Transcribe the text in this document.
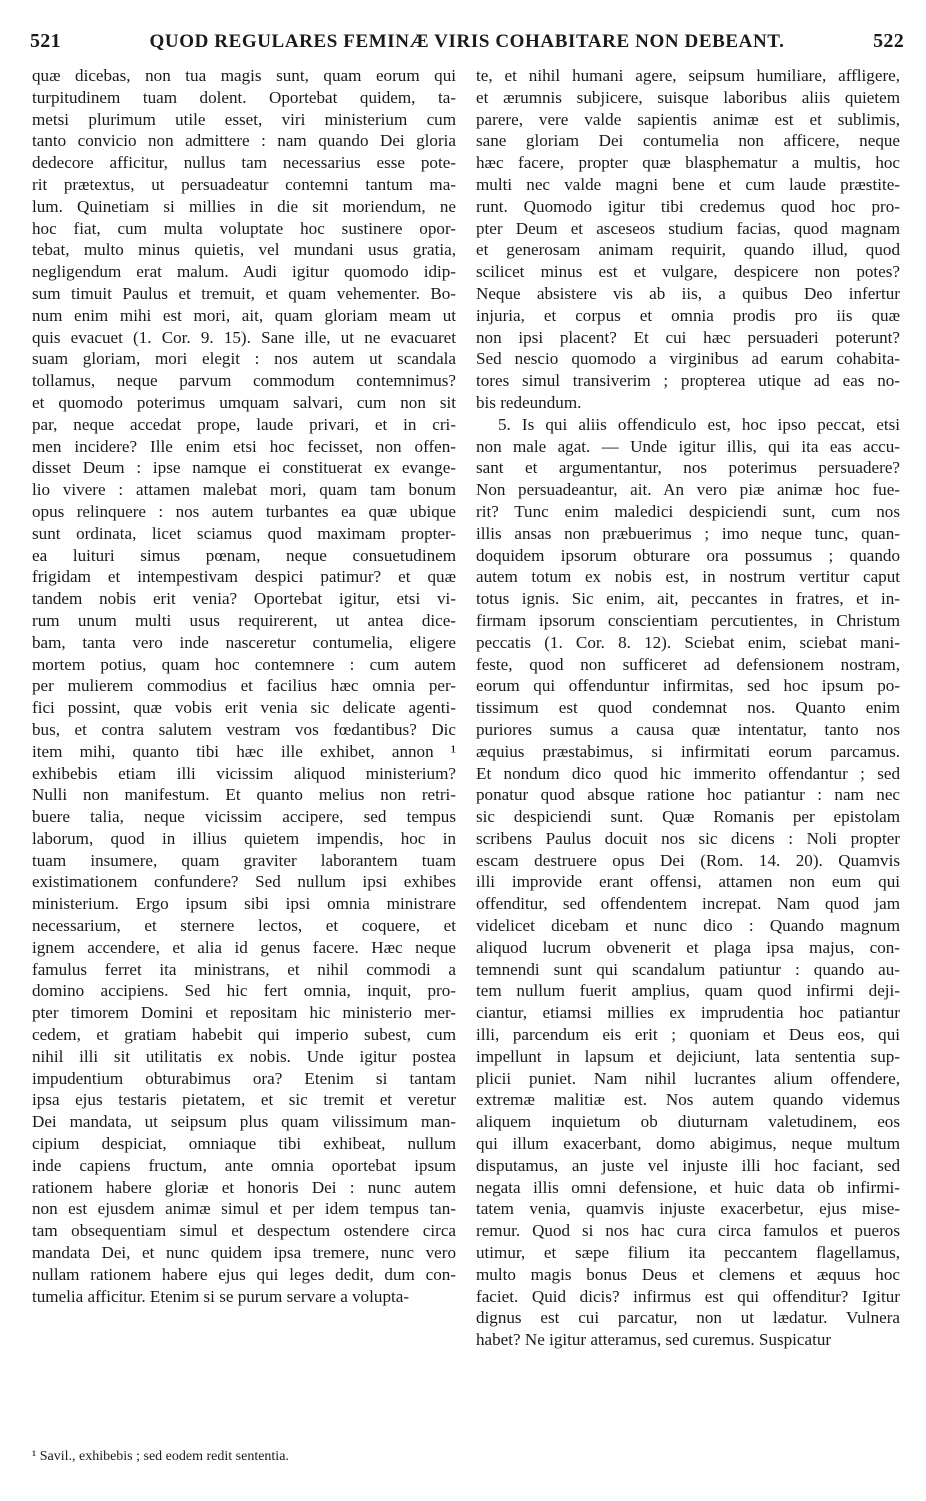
521	QUOD REGULARES FEMINÆ VIRIS COHABITARE NON DEBEANT.	522
quæ dicebas, non tua magis sunt, quam eorum qui
turpitudinem tuam dolent. Oportebat quidem, ta-
metsi plurimum utile esset, viri ministerium cum
tanto convicio non admittere : nam quando Dei gloria
dedecore afficitur, nullus tam necessarius esse pote-
rit prætextus, ut persuadeatur contemni tantum ma-
lum. Quinetiam si millies in die sit moriendum, ne
hoc fiat, cum multa voluptate hoc sustinere opor-
tebat, multo minus quietis, vel mundani usus gratia,
negligendum erat malum. Audi igitur quomodo idip-
sum timuit Paulus et tremuit, et quam vehementer. Bo-
num enim mihi est mori, ait, quam gloriam meam ut
quis evacuet (1. Cor. 9. 15). Sane ille, ut ne evacuaret
suam gloriam, mori elegit : nos autem ut scandala
tollamus, neque parvum commodum contemnimus?
et quomodo poterimus umquam salvari, cum non sit
par, neque accedat prope, laude privari, et in cri-
men incidere? Ille enim etsi hoc fecisset, non offen-
disset Deum : ipse namque ei constituerat ex evange-
lio vivere : attamen malebat mori, quam tam bonum
opus relinquere : nos autem turbantes ea quæ ubique
sunt ordinata, licet sciamus quod maximam propter-
ea luituri simus pœnam, neque consuetudinem
frigidam et intempestivam despici patimur? et quæ
tandem nobis erit venia? Oportebat igitur, etsi vi-
rum unum multi usus requirerent, ut antea dice-
bam, tanta vero inde nasceretur contumelia, eligere
mortem potius, quam hoc contemnere : cum autem
per mulierem commodius et facilius hæc omnia per-
fici possint, quæ vobis erit venia sic delicate agenti-
bus, et contra salutem vestram vos fœdantibus? Dic
item mihi, quanto tibi hæc ille exhibet, annon ¹
exhibebis etiam illi vicissim aliquod ministerium?
Nulli non manifestum. Et quanto melius non retri-
buere talia, neque vicissim accipere, sed tempus
laborum, quod in illius quietem impendis, hoc in
tuam insumere, quam graviter laborantem tuam
existimationem confundere? Sed nullum ipsi exhibes
ministerium. Ergo ipsum sibi ipsi omnia ministrare
necessarium, et sternere lectos, et coquere, et
ignem accendere, et alia id genus facere. Hæc neque
famulus ferret ita ministrans, et nihil commodi a
domino accipiens. Sed hic fert omnia, inquit, pro-
pter timorem Domini et repositam hic ministerio mer-
cedem, et gratiam habebit qui imperio subest, cum
nihil illi sit utilitatis ex nobis. Unde igitur postea
impudentium obturabimus ora? Etenim si tantam
ipsa ejus testaris pietatem, et sic tremit et veretur
Dei mandata, ut seipsum plus quam vilissimum man-
cipium despiciat, omniaque tibi exhibeat, nullum
inde capiens fructum, ante omnia oportebat ipsum
rationem habere gloriæ et honoris Dei : nunc autem
non est ejusdem animæ simul et per idem tempus tan-
tam obsequentiam simul et despectum ostendere circa
mandata Dei, et nunc quidem ipsa tremere, nunc vero
nullam rationem habere ejus qui leges dedit, dum con-
tumelia afficitur. Etenim si se purum servare a volupta-
te, et nihil humani agere, seipsum humiliare, affligere,
et ærumnis subjicere, suisque laboribus aliis quietem
parere, vere valde sapientis animæ est et sublimis,
sane gloriam Dei contumelia non afficere, neque
hæc facere, propter quæ blasphematur a multis, hoc
multi nec valde magni bene et cum laude præstite-
runt. Quomodo igitur tibi credemus quod hoc pro-
pter Deum et asceseos studium facias, quod magnam
et generosam animam requirit, quando illud, quod
scilicet minus est et vulgare, despicere non potes?
Neque absistere vis ab iis, a quibus Deo infertur
injuria, et corpus et omnia prodis pro iis quæ
non ipsi placent? Et cui hæc persuaderi poterunt?
Sed nescio quomodo a virginibus ad earum cohabita-
tores simul transiverim ; propterea utique ad eas no-
bis redeundum.
5. Is qui aliis offendiculo est, hoc ipso peccat, etsi
non male agat. — Unde igitur illis, qui ita eas accu-
sant et argumentantur, nos poterimus persuadere?
Non persuadeantur, ait. An vero piæ animæ hoc fue-
rit? Tunc enim maledici despiciendi sunt, cum nos
illis ansas non præbuerimus ; imo neque tunc, quan-
doquidem ipsorum obturare ora possumus ; quando
autem totum ex nobis est, in nostrum vertitur caput
totus ignis. Sic enim, ait, peccantes in fratres, et in-
firmam ipsorum conscientiam percutientes, in Christum
peccatis (1. Cor. 8. 12). Sciebat enim, sciebat mani-
feste, quod non sufficeret ad defensionem nostram,
eorum qui offenduntur infirmitas, sed hoc ipsum po-
tissimum est quod condemnat nos. Quanto enim
puriores sumus a causa quæ intentatur, tanto nos
æquius præstabimus, si infirmitati eorum parcamus.
Et nondum dico quod hic immerito offendantur ; sed
ponatur quod absque ratione hoc patiantur : nam nec
sic despiciendi sunt. Quæ Romanis per epistolam
scribens Paulus docuit nos sic dicens : Noli propter
escam destruere opus Dei (Rom. 14. 20). Quamvis
illi improvide erant offensi, attamen non eum qui
offenditur, sed offendentem increpat. Nam quod jam
videlicet dicebam et nunc dico : Quando magnum
aliquod lucrum obvenerit et plaga ipsa majus, con-
temnendi sunt qui scandalum patiuntur : quando au-
tem nullum fuerit amplius, quam quod infirmi deji-
ciantur, etiamsi millies ex imprudentia hoc patiantur
illi, parcendum eis erit ; quoniam et Deus eos, qui
impellunt in lapsum et dejiciunt, lata sententia sup-
plicii puniet. Nam nihil lucrantes alium offendere,
extremæ malitiæ est. Nos autem quando videmus
aliquem inquietum ob diuturnam valetudinem, eos
qui illum exacerbant, domo abigimus, neque multum
disputamus, an juste vel injuste illi hoc faciant, sed
negata illis omni defensione, et huic data ob infirmi-
tatem venia, quamvis injuste exacerbetur, ejus mise-
remur. Quod si nos hac cura circa famulos et pueros
utimur, et sæpe filium ita peccantem flagellamus,
multo magis bonus Deus et clemens et æquus hoc
faciet. Quid dicis? infirmus est qui offenditur? Igitur
dignus est cui parcatur, non ut lædatur. Vulnera
habet? Ne igitur atteramus, sed curemus. Suspicatur
¹ Savil., exhibebis ; sed eodem redit sententia.
